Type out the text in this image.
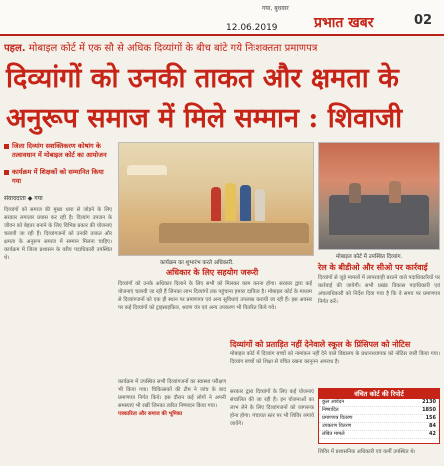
गया, बुधवार
12.06.2019	प्रभात खबर	02
पहल. मोबाइल कोर्ट में एक सौ से अधिक दिव्यांगों के बीच बांटे गये निःशक्तता प्रमाणपत्र
दिव्यांगों को उनकी ताकत और क्षमता के
अनुरूप समाज में मिले सम्मान : शिवाजी
जिला दिव्यांग सशक्तिकरण कोषांग के तत्वावधान में मोबाइल कोर्ट का आयोजन
कार्यक्रम में शिक्षकों को सम्मानित किया गया
संवाददाता ◆ गया
दिव्यांगों को समाज की मुख्य धारा से जोड़ने के लिए सरकार लगातार प्रयास कर रही है। दिव्यांग उपजन के जीवन को बेहतर बनाने के लिए विभिन्न प्रकार की योजनाएं चलायी जा रही हैं। दिव्यांगजनों को उनकी ताकत और क्षमता के अनुरूप समाज में सम्मान मिलना चाहिए। कार्यक्रम में जिला प्रशासन के वरीय पदाधिकारी उपस्थित थे।
कार्यक्रम का शुभारंभ करते अधिकारी.
मोबाइल कोर्ट में उपस्थित दिव्यांग.
अधिकार के लिए सहयोग जरूरी
दिव्यांगों को उनके अधिकार दिलाने के लिए सभी को मिलकर काम करना होगा। सरकार द्वारा कई योजनाएं चलायी जा रही हैं जिनका लाभ दिव्यांगों तक पहुंचाना हमारा दायित्व है। मोबाइल कोर्ट के माध्यम से दिव्यांगजनों को एक ही स्थान पर प्रमाणपत्र एवं अन्य सुविधाएं उपलब्ध करायी जा रही हैं। इस अवसर पर कई दिव्यांगों को ट्राइसाइकिल, श्रवण यंत्र एवं अन्य उपकरण भी वितरित किये गये।
रेल के बीडीओ और सीओ पर कार्रवाई
दिव्यांगों से जुड़े मामलों में लापरवाही बरतने वाले पदाधिकारियों पर कार्रवाई की जायेगी। सभी प्रखंड विकास पदाधिकारी एवं अंचलाधिकारी को निर्देश दिया गया है कि वे समय पर प्रमाणपत्र निर्गत करें।
दिव्यांगों को प्रताड़ित नहीं देनेवाले स्कूल के प्रिंसिपल को नोटिस
मोबाइल कोर्ट में दिव्यांग बच्चों को नामांकन नहीं देने वाले विद्यालय के प्रधानाध्यापक को नोटिस जारी किया गया। दिव्यांग बच्चों को शिक्षा से वंचित रखना कानूनन अपराध है।
कार्यक्रम में उपस्थित सभी दिव्यांगजनों का स्वास्थ्य परीक्षण भी किया गया। चिकित्सकों की टीम ने जांच के बाद प्रमाणपत्र निर्गत किये। इस दौरान कई लोगों ने अपनी समस्याएं भी रखीं जिनका त्वरित निष्पादन किया गया।
पत्रकारिता और समाज की भूमिका
सरकार द्वारा दिव्यांगों के लिए कई योजनाएं संचालित की जा रही हैं। इन योजनाओं का लाभ लेने के लिए दिव्यांगजनों को जागरूक होना होगा। पंचायत स्तर पर भी शिविर लगाये जायेंगे।
वंचित कोर्ट की रिपोर्ट
कुल आवेदन	2130
निष्पादित	1850
प्रमाणपत्र वितरण	156
उपकरण वितरण	84
लंबित मामले	42
शिविर में प्रशासनिक अधिकारी एवं कर्मी उपस्थित थे।
